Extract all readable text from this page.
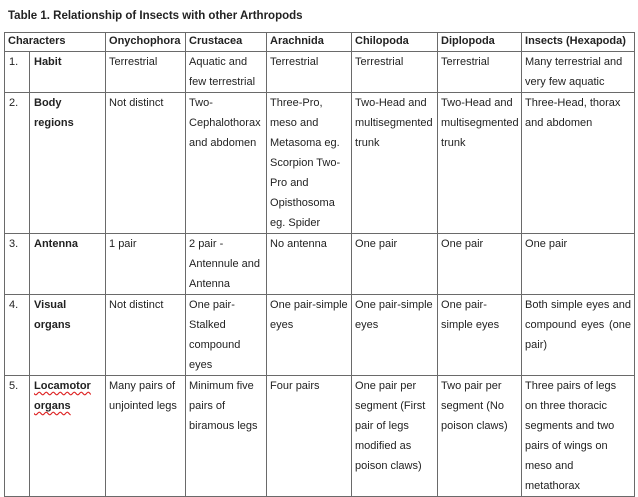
Table 1. Relationship of Insects with other Arthropods
Characters		Onychophora	Crustacea	Arachnida	Chilopoda	Diplopoda	Insects (Hexapoda)
1.	Habit	Terrestrial	Aquatic and few terrestrial	Terrestrial	Terrestrial	Terrestrial	Many terrestrial and very few aquatic
2.	Body regions	Not distinct	Two-Cephalothorax and abdomen	Three-Pro, meso and Metasoma eg. Scorpion Two-Pro and Opisthosoma eg. Spider	Two-Head and multisegmented trunk	Two-Head and multisegmented trunk	Three-Head, thorax and abdomen
3.	Antenna	1 pair	2 pair - Antennule and Antenna	No antenna	One pair	One pair	One pair
4.	Visual organs	Not distinct	One pair-Stalked compound eyes	One pair-simple eyes	One pair-simple eyes	One pair-simple eyes	Both simple eyes and compound eyes (one pair)
5.	Locamotor organs	Many pairs of unjointed legs	Minimum five pairs of biramous legs	Four pairs	One pair per segment (First pair of legs modified as poison claws)	Two pair per segment (No poison claws)	Three pairs of legs on three thoracic segments and two pairs of wings on meso and metathorax
